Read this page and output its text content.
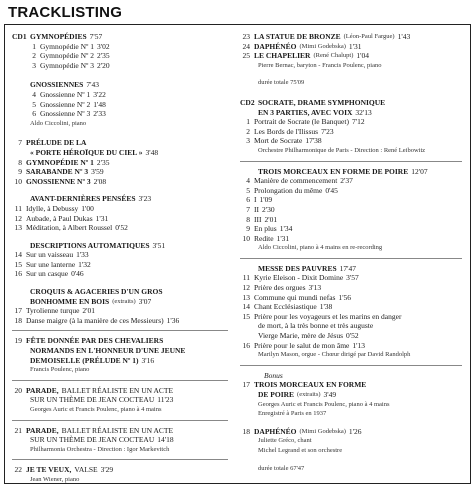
TRACKLISTING
CD1 GYMNOPÉDIES 7'57
1 Gymnopédie Nº 1 3'02
2 Gymnopédie Nº 2 2'35
3 Gymnopédie Nº 3 2'20
GNOSSIENNES 7'43
4 Gnossienne Nº 1 3'22
5 Gnossienne Nº 2 1'48
6 Gnossienne Nº 3 2'33
Aldo Ciccolini, piano
7 PRÉLUDE DE LA
« PORTE HÉROÏQUE DU CIEL » 3'48
8 GYMNOPÉDIE Nº 1 2'35
9 SARABANDE Nº 3 3'59
10 GNOSSIENNE Nº 3 2'08
AVANT-DERNIÈRES PENSÉES 3'23
11 Idylle, à Debussy 1'00
12 Aubade, à Paul Dukas 1'31
13 Méditation, à Albert Roussel 0'52
DESCRIPTIONS AUTOMATIQUES 3'51
14 Sur un vaisseau 1'33
15 Sur une lanterne 1'32
16 Sur un casque 0'46
CROQUIS & AGACERIES D'UN GROS
BONHOMME EN BOIS (extraits) 3'07
17 Tyrolienne turque 2'01
18 Danse maigre (à la manière de ces Messieurs) 1'36
19 FÊTE DONNÉE PAR DES CHEVALIERS
NORMANDS EN L'HONNEUR D'UNE JEUNE
DEMOISELLE (PRÉLUDE Nº 1) 3'16
Francis Poulenc, piano
20 PARADE, BALLET RÉALISTE EN UN ACTE
SUR UN THÈME DE JEAN COCTEAU 11'23
Georges Auric et Francis Poulenc, piano à 4 mains
21 PARADE, BALLET RÉALISTE EN UN ACTE
SUR UN THÈME DE JEAN COCTEAU 14'18
Philharmonia Orchestra - Direction : Igor Markevitch
22 JE TE VEUX, VALSE 3'29
Jean Wiener, piano
23 LA STATUE DE BRONZE (Léon-Paul Fargue) 1'43
24 DAPHÉNÉO (Mimi Godebska) 1'31
25 LE CHAPELIER (René Chalupt) 1'04
Pierre Bernac, baryton - Francis Poulenc, piano
durée totale 75'09
CD2 SOCRATE, DRAME SYMPHONIQUE
EN 3 PARTIES, AVEC VOIX 32'13
1 Portrait de Socrate (le Banquet) 7'12
2 Les Bords de l'Ilissus 7'23
3 Mort de Socrate 17'38
Orchestre Philharmonique de Paris - Direction : René Leibowitz
TROIS MORCEAUX EN FORME DE POIRE 12'07
4 Manière de commencement 2'37
5 Prolongation du même 0'45
6 I 1'09
7 II 2'30
8 III 2'01
9 En plus 1'34
10 Redite 1'31
Aldo Ciccolini, piano à 4 mains en re-recording
MESSE DES PAUVRES 17'47
11 Kyrie Eleison - Dixit Domine 3'57
12 Prière des orgues 3'13
13 Commune qui mundi nefas 1'56
14 Chant Ecclésiastique 1'38
15 Prière pour les voyageurs et les marins en danger
de mort, à la très bonne et très auguste
Vierge Marie, mère de Jésus 0'52
16 Prière pour le salut de mon âme 1'13
Marilyn Mason, orgue - Chœur dirigé par David Randolph
Bonus
17 TROIS MORCEAUX EN FORME
DE POIRE (extraits) 3'49
Georges Auric et Francis Poulenc, piano à 4 mains
Enregistré à Paris en 1937
18 DAPHÉNÉO (Mimi Godebska) 1'26
Juliette Gréco, chant
Michel Legrand et son orchestre
durée totale 67'47
